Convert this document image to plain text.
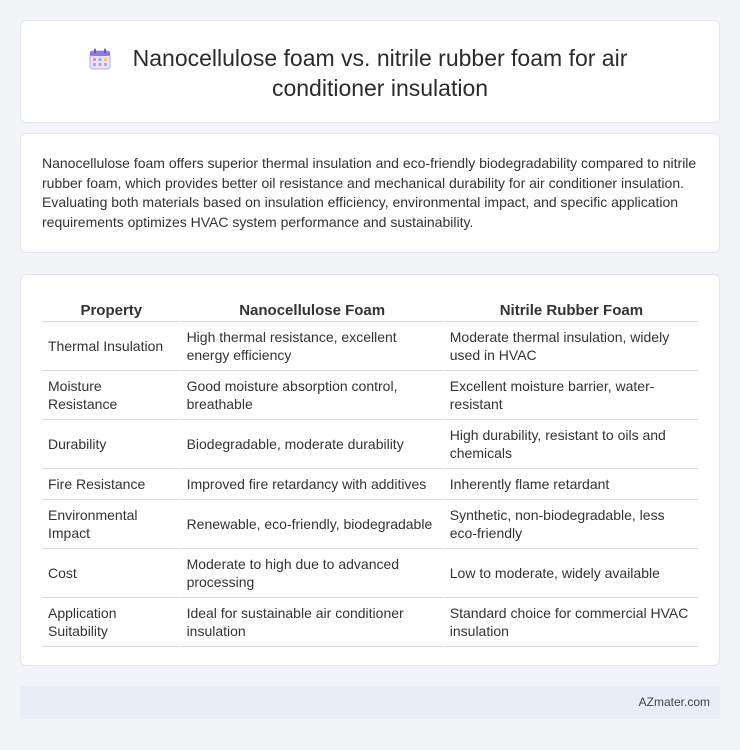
Nanocellulose foam vs. nitrile rubber foam for air conditioner insulation
Nanocellulose foam offers superior thermal insulation and eco-friendly biodegradability compared to nitrile rubber foam, which provides better oil resistance and mechanical durability for air conditioner insulation. Evaluating both materials based on insulation efficiency, environmental impact, and specific application requirements optimizes HVAC system performance and sustainability.
Property	Nanocellulose Foam	Nitrile Rubber Foam
Thermal Insulation	High thermal resistance, excellent energy efficiency	Moderate thermal insulation, widely used in HVAC
Moisture Resistance	Good moisture absorption control, breathable	Excellent moisture barrier, water-resistant
Durability	Biodegradable, moderate durability	High durability, resistant to oils and chemicals
Fire Resistance	Improved fire retardancy with additives	Inherently flame retardant
Environmental Impact	Renewable, eco-friendly, biodegradable	Synthetic, non-biodegradable, less eco-friendly
Cost	Moderate to high due to advanced processing	Low to moderate, widely available
Application Suitability	Ideal for sustainable air conditioner insulation	Standard choice for commercial HVAC insulation
AZmater.com
